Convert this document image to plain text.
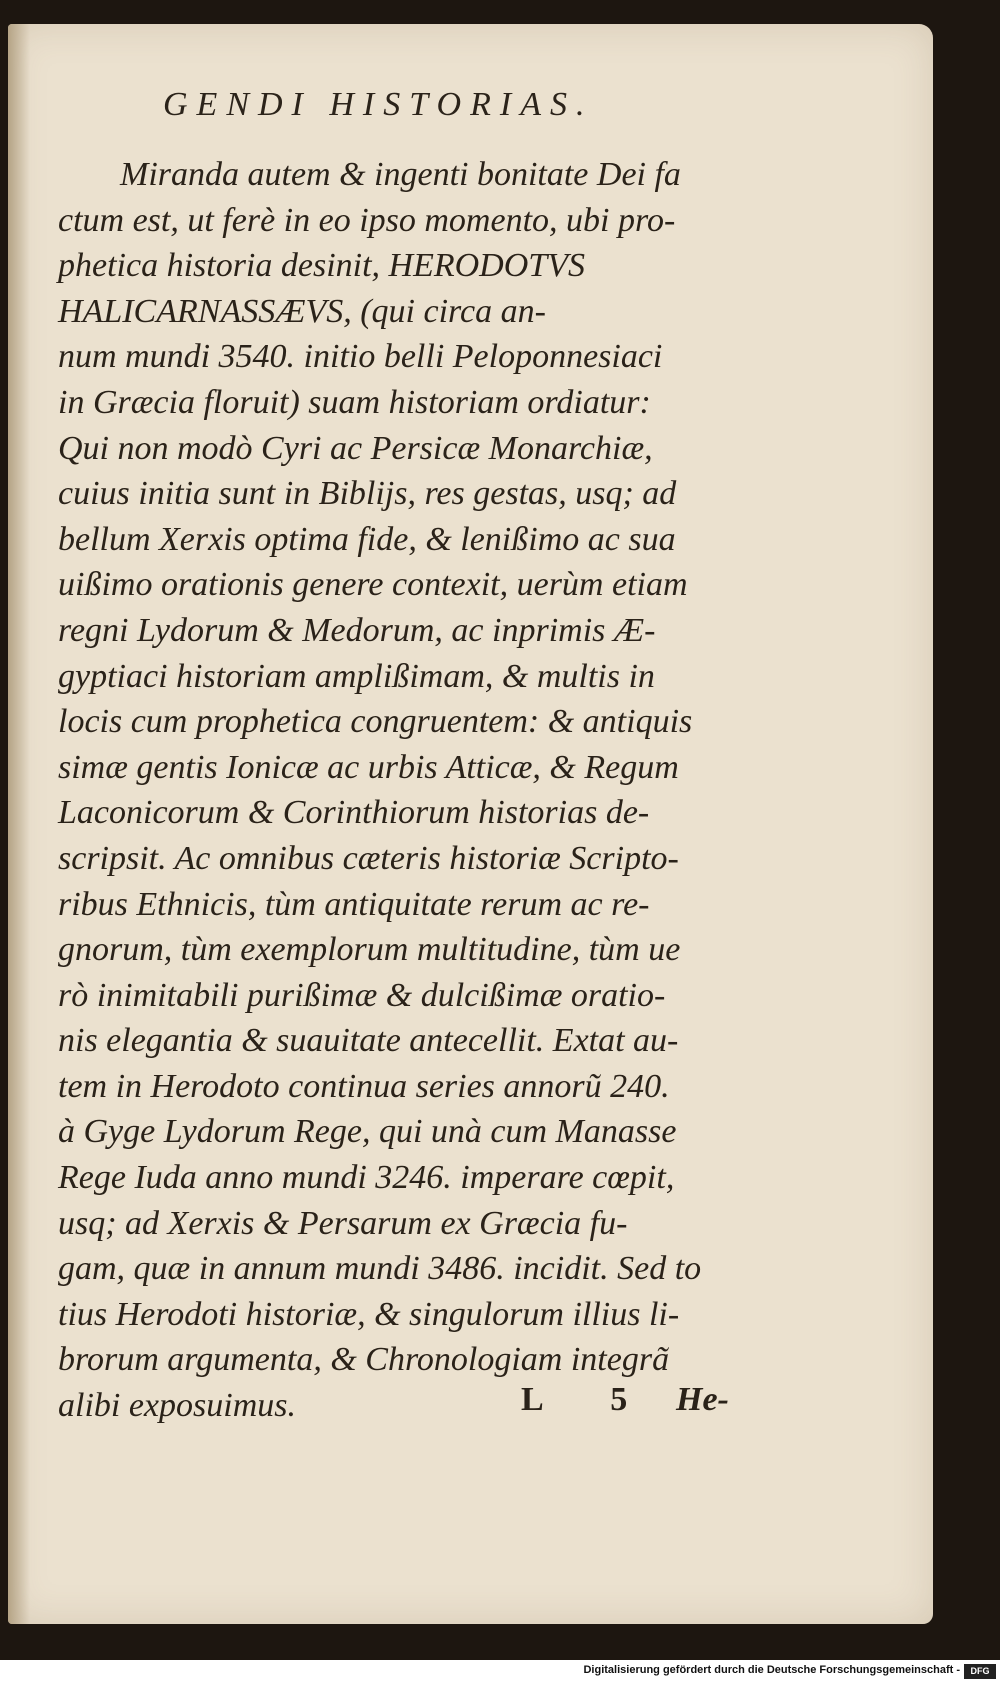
GENDI HISTORIAS.
Miranda autem & ingenti bonitate Dei fa
ctum est, ut ferè in eo ipso momento, ubi pro-
phetica historia desinit, HERODOTVS
HALICARNASSÆVS, (qui circa an-
num mundi 3540. initio belli Peloponnesiaci
in Græcia floruit) suam historiam ordiatur:
Qui non modò Cyri ac Persicæ Monarchiæ,
cuius initia sunt in Biblijs, res gestas, usq; ad
bellum Xerxis optima fide, & lenißimo ac sua
uißimo orationis genere contexit, uerùm etiam
regni Lydorum & Medorum, ac inprimis Æ-
gyptiaci historiam amplißimam, & multis in
locis cum prophetica congruentem: & antiquis
simæ gentis Ionicæ ac urbis Atticæ, & Regum
Laconicorum & Corinthiorum historias de-
scripsit. Ac omnibus cæteris historiæ Scripto-
ribus Ethnicis, tùm antiquitate rerum ac re-
gnorum, tùm exemplorum multitudine, tùm ue
rò inimitabili purißimæ & dulcißimæ oratio-
nis elegantia & suauitate antecellit. Extat au-
tem in Herodoto continua series annorũ 240.
à Gyge Lydorum Rege, qui unà cum Manasse
Rege Iuda anno mundi 3246. imperare cœpit,
usq; ad Xerxis & Persarum ex Græcia fu-
gam, quæ in annum mundi 3486. incidit. Sed to
tius Herodoti historiæ, & singulorum illius li-
brorum argumenta, & Chronologiam integrã
alibi exposuimus.	L 5 He-
Digitalisierung gefördert durch die Deutsche Forschungsgemeinschaft -	DFG
